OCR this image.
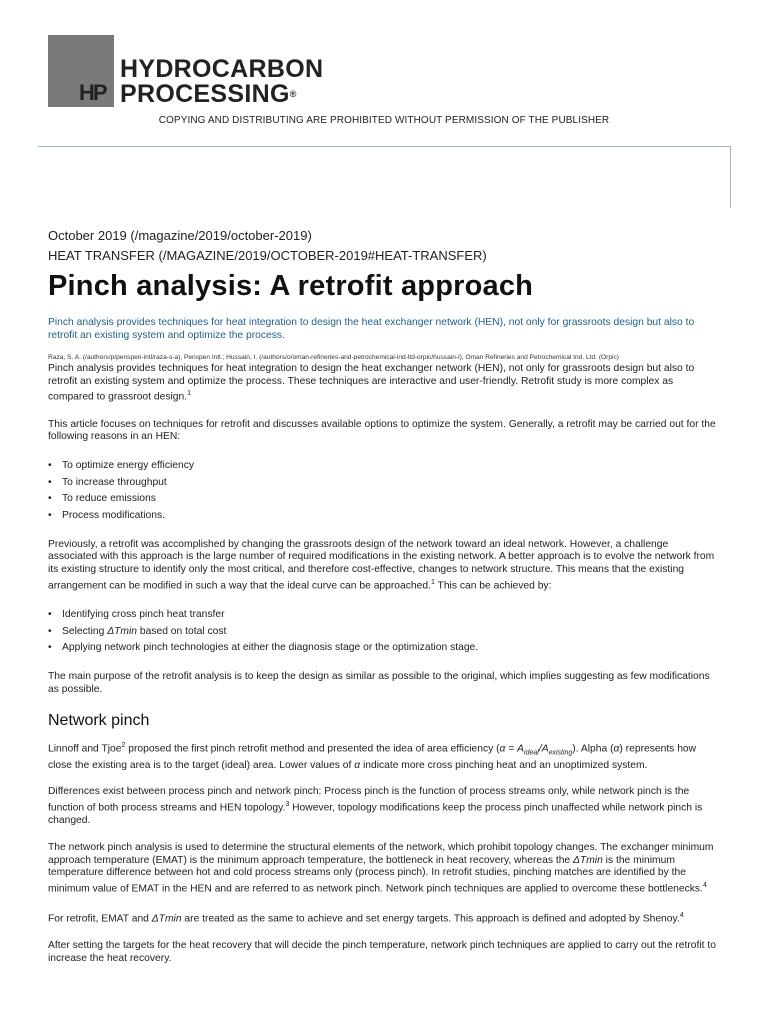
HP
HYDROCARBON
PROCESSING®
COPYING AND DISTRIBUTING ARE PROHIBITED WITHOUT PERMISSION OF THE PUBLISHER
October 2019 (/magazine/2019/october-2019)
HEAT TRANSFER (/MAGAZINE/2019/OCTOBER-2019#HEAT-TRANSFER)
Pinch analysis: A retrofit approach

Pinch analysis provides techniques for heat integration to design the heat exchanger network (HEN), not only for grassroots design but also to retrofit an existing system and optimize the process.

Raza, S. A. (/authors/p/penspen-intl/raza-s-a), Penspen Intl.; Hussain, I. (/authors/o/oman-refineries-and-petrochemical-ind-ltd-orpic/hussain-i), Oman Refineries and Petrochemical Ind. Ltd. (Orpic)

Pinch analysis provides techniques for heat integration to design the heat exchanger network (HEN), not only for grassroots design but also to retrofit an existing system and optimize the process. These techniques are interactive and user-friendly. Retrofit study is more complex as compared to grassroot design.$^1$

This article focuses on techniques for retrofit and discusses available options to optimize the system. Generally, a retrofit may be carried out for the following reasons in an HEN:

• To optimize energy efficiency
• To increase throughput
• To reduce emissions
• Process modifications.

Previously, a retrofit was accomplished by changing the grassroots design of the network toward an ideal network. However, a challenge associated with this approach is the large number of required modifications in the existing network. A better approach is to evolve the network from its existing structure to identify only the most critical, and therefore cost-effective, changes to network structure. This means that the existing arrangement can be modified in such a way that the ideal curve can be approached.$^1$ This can be achieved by:

• Identifying cross pinch heat transfer
• Selecting ΔTmin based on total cost
• Applying network pinch technologies at either the diagnosis stage or the optimization stage.

The main purpose of the retrofit analysis is to keep the design as similar as possible to the original, which implies suggesting as few modifications as possible.

Network pinch

Linnoff and Tjoe$^2$ proposed the first pinch retrofit method and presented the idea of area efficiency $(\alpha = A_{ideal}/A_{existing})$. Alpha (α) represents how close the existing area is to the target (ideal) area. Lower values of α indicate more cross pinching heat and an unoptimized system.

Differences exist between process pinch and network pinch: Process pinch is the function of process streams only, while network pinch is the function of both process streams and HEN topology.$^3$ However, topology modifications keep the process pinch unaffected while network pinch is changed.

The network pinch analysis is used to determine the structural elements of the network, which prohibit topology changes. The exchanger minimum approach temperature (EMAT) is the minimum approach temperature, the bottleneck in heat recovery, whereas the ΔTmin is the minimum temperature difference between hot and cold process streams only (process pinch). In retrofit studies, pinching matches are identified by the minimum value of EMAT in the HEN and are referred to as network pinch. Network pinch techniques are applied to overcome these bottlenecks.$^4$

For retrofit, EMAT and ΔTmin are treated as the same to achieve and set energy targets. This approach is defined and adopted by Shenoy.$^4$

After setting the targets for the heat recovery that will decide the pinch temperature, network pinch techniques are applied to carry out the retrofit to increase the heat recovery.
